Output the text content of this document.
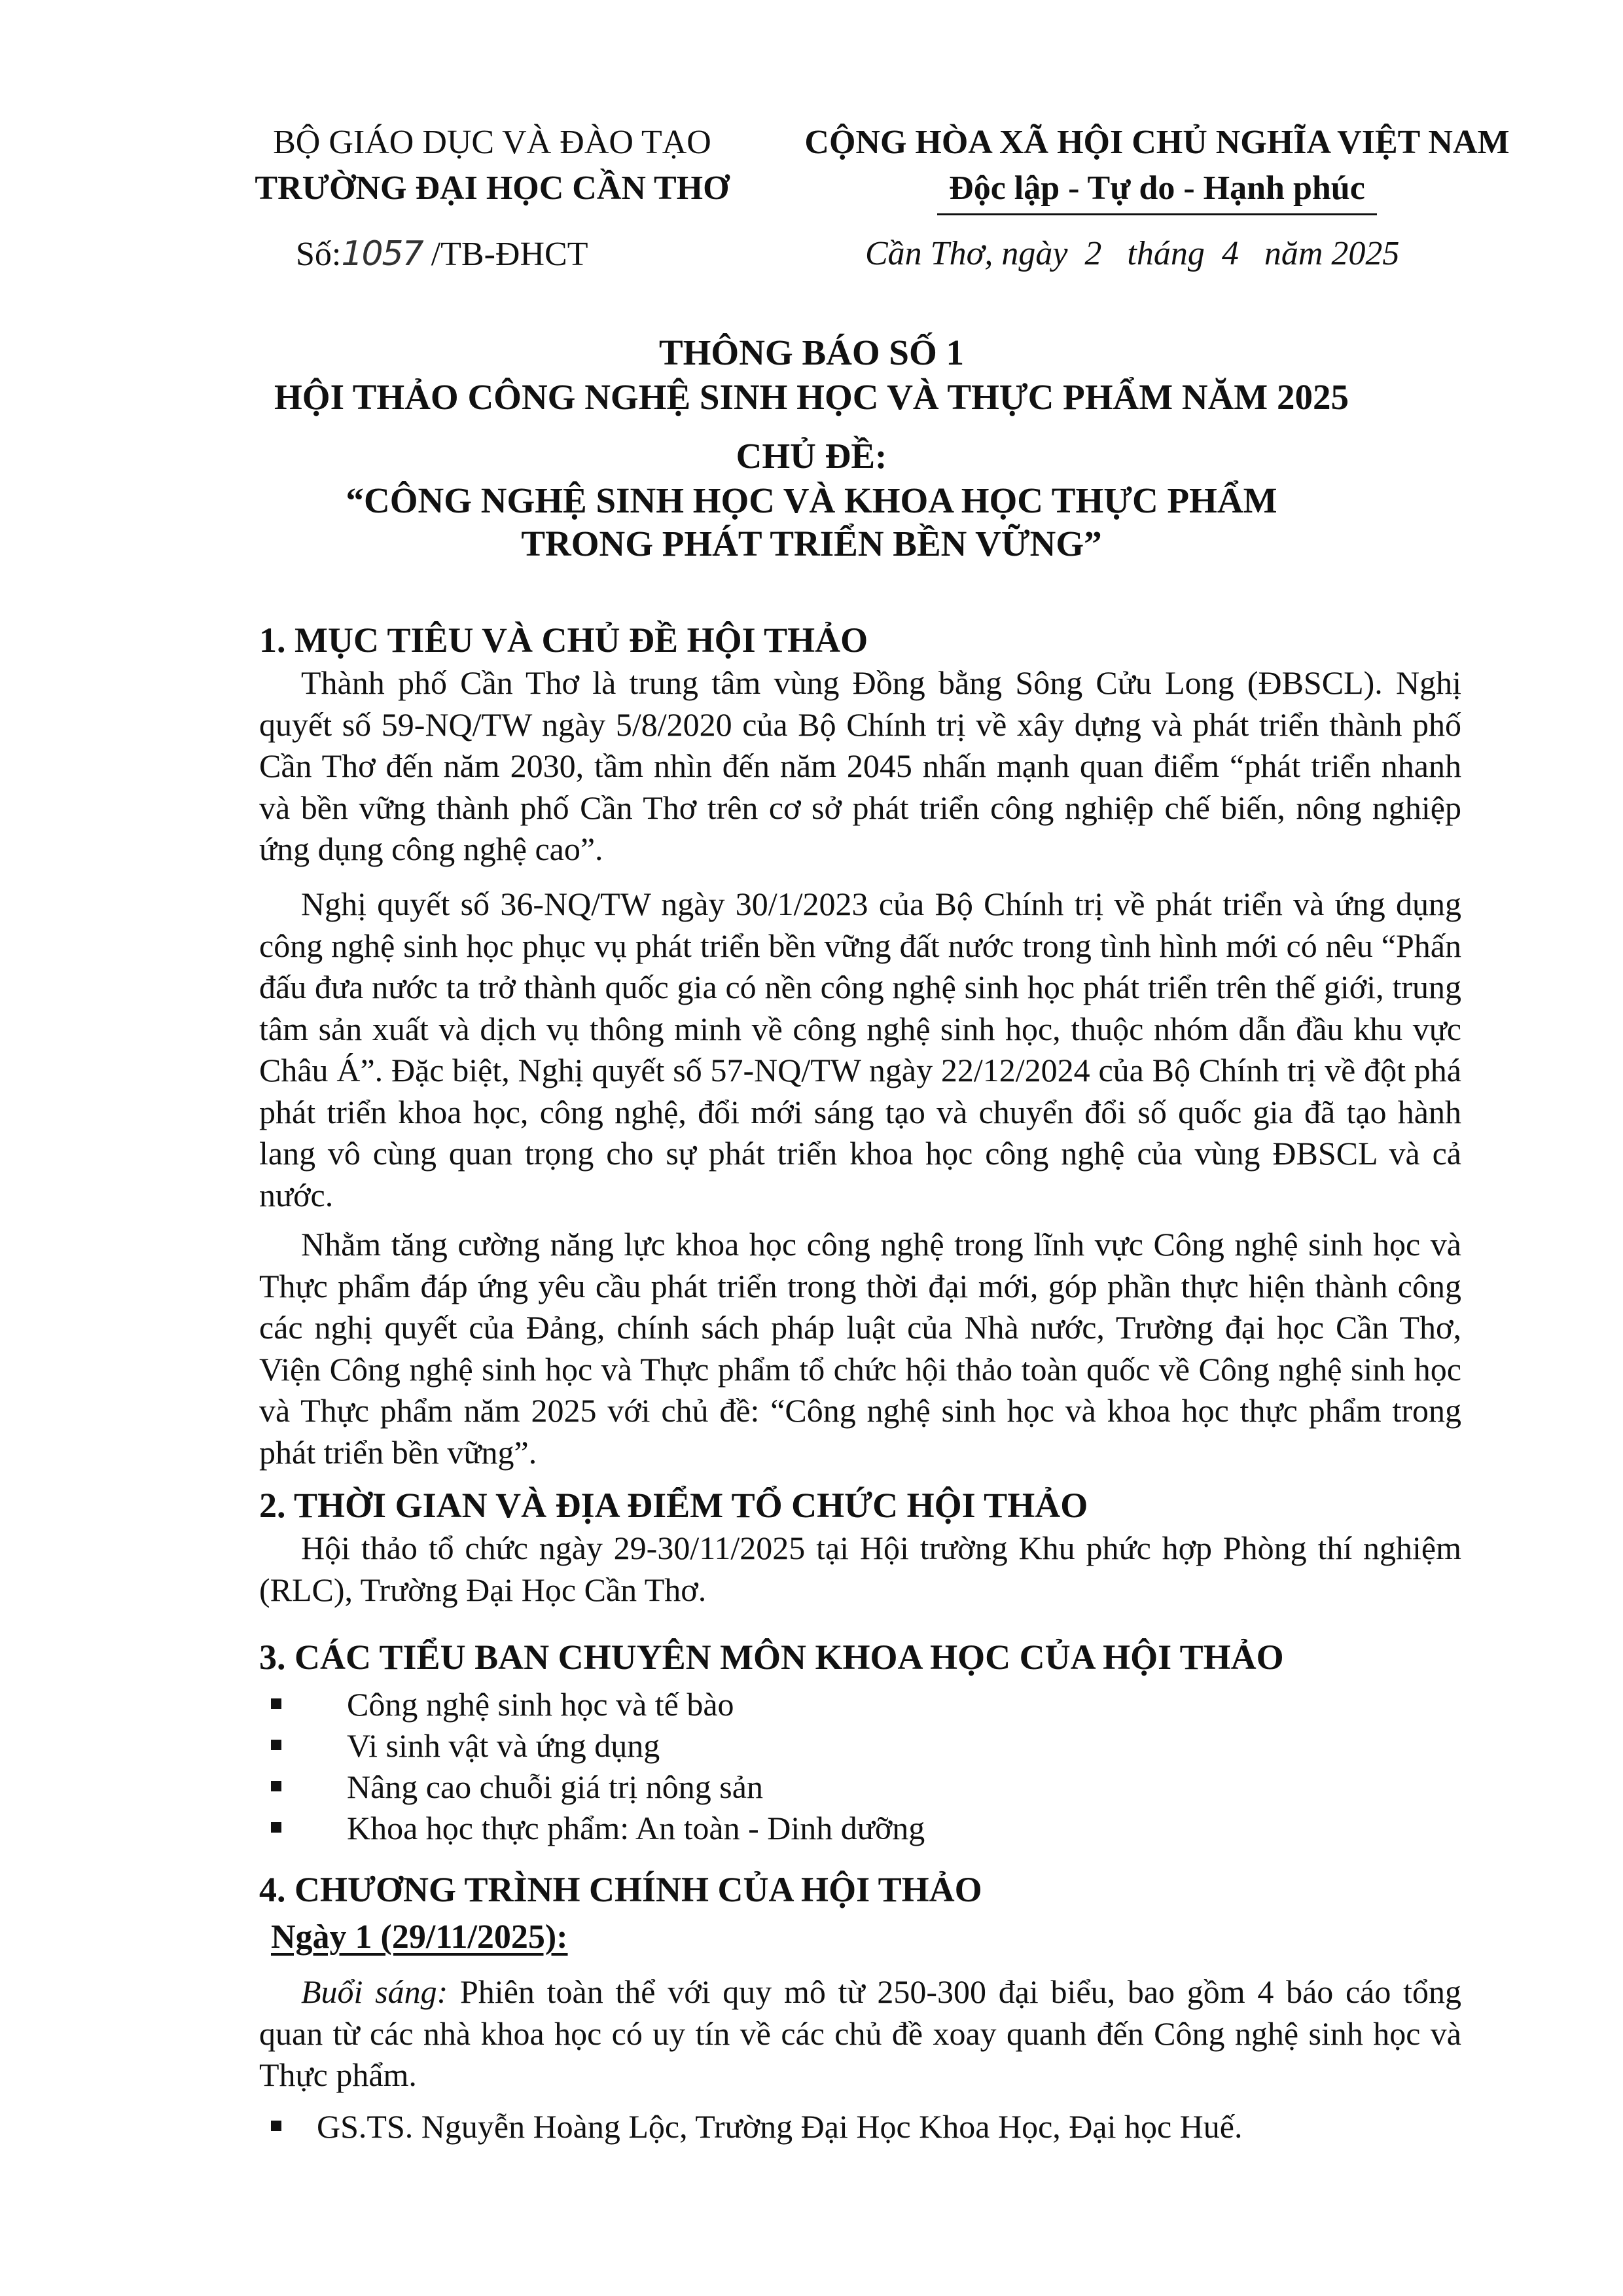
BỘ GIÁO DỤC VÀ ĐÀO TẠO
TRƯỜNG ĐẠI HỌC CẦN THƠ
Số:1057 /TB-ĐHCT
CỘNG HÒA XÃ HỘI CHỦ NGHĨA VIỆT NAM
Độc lập - Tự do - Hạnh phúc
Cần Thơ, ngày  2   tháng  4   năm 2025
THÔNG BÁO SỐ 1
HỘI THẢO CÔNG NGHỆ SINH HỌC VÀ THỰC PHẨM NĂM 2025
CHỦ ĐỀ:
“CÔNG NGHỆ SINH HỌC VÀ KHOA HỌC THỰC PHẨM
TRONG PHÁT TRIỂN BỀN VỮNG”
1. MỤC TIÊU VÀ CHỦ ĐỀ HỘI THẢO
Thành phố Cần Thơ là trung tâm vùng Đồng bằng Sông Cửu Long (ĐBSCL). Nghị quyết số 59-NQ/TW ngày 5/8/2020 của Bộ Chính trị về xây dựng và phát triển thành phố Cần Thơ đến năm 2030, tầm nhìn đến năm 2045 nhấn mạnh quan điểm “phát triển nhanh và bền vững thành phố Cần Thơ trên cơ sở phát triển công nghiệp chế biến, nông nghiệp ứng dụng công nghệ cao”.
Nghị quyết số 36-NQ/TW ngày 30/1/2023 của Bộ Chính trị về phát triển và ứng dụng công nghệ sinh học phục vụ phát triển bền vững đất nước trong tình hình mới có nêu “Phấn đấu đưa nước ta trở thành quốc gia có nền công nghệ sinh học phát triển trên thế giới, trung tâm sản xuất và dịch vụ thông minh về công nghệ sinh học, thuộc nhóm dẫn đầu khu vực Châu Á”. Đặc biệt, Nghị quyết số 57-NQ/TW ngày 22/12/2024 của Bộ Chính trị về đột phá phát triển khoa học, công nghệ, đổi mới sáng tạo và chuyển đổi số quốc gia đã tạo hành lang vô cùng quan trọng cho sự phát triển khoa học công nghệ của vùng ĐBSCL và cả nước.
Nhằm tăng cường năng lực khoa học công nghệ trong lĩnh vực Công nghệ sinh học và Thực phẩm đáp ứng yêu cầu phát triển trong thời đại mới, góp phần thực hiện thành công các nghị quyết của Đảng, chính sách pháp luật của Nhà nước, Trường đại học Cần Thơ, Viện Công nghệ sinh học và Thực phẩm tổ chức hội thảo toàn quốc về Công nghệ sinh học và Thực phẩm năm 2025 với chủ đề: “Công nghệ sinh học và khoa học thực phẩm trong phát triển bền vững”.
2. THỜI GIAN VÀ ĐỊA ĐIỂM TỔ CHỨC HỘI THẢO
Hội thảo tổ chức ngày 29-30/11/2025 tại Hội trường Khu phức hợp Phòng thí nghiệm (RLC), Trường Đại Học Cần Thơ.
3. CÁC TIỂU BAN CHUYÊN MÔN KHOA HỌC CỦA HỘI THẢO
Công nghệ sinh học và tế bào
Vi sinh vật và ứng dụng
Nâng cao chuỗi giá trị nông sản
Khoa học thực phẩm: An toàn - Dinh dưỡng
4. CHƯƠNG TRÌNH CHÍNH CỦA HỘI THẢO
Ngày 1 (29/11/2025):
Buổi sáng: Phiên toàn thể với quy mô từ 250-300 đại biểu, bao gồm 4 báo cáo tổng quan từ các nhà khoa học có uy tín về các chủ đề xoay quanh đến Công nghệ sinh học và Thực phẩm.
GS.TS. Nguyễn Hoàng Lộc, Trường Đại Học Khoa Học, Đại học Huế.
